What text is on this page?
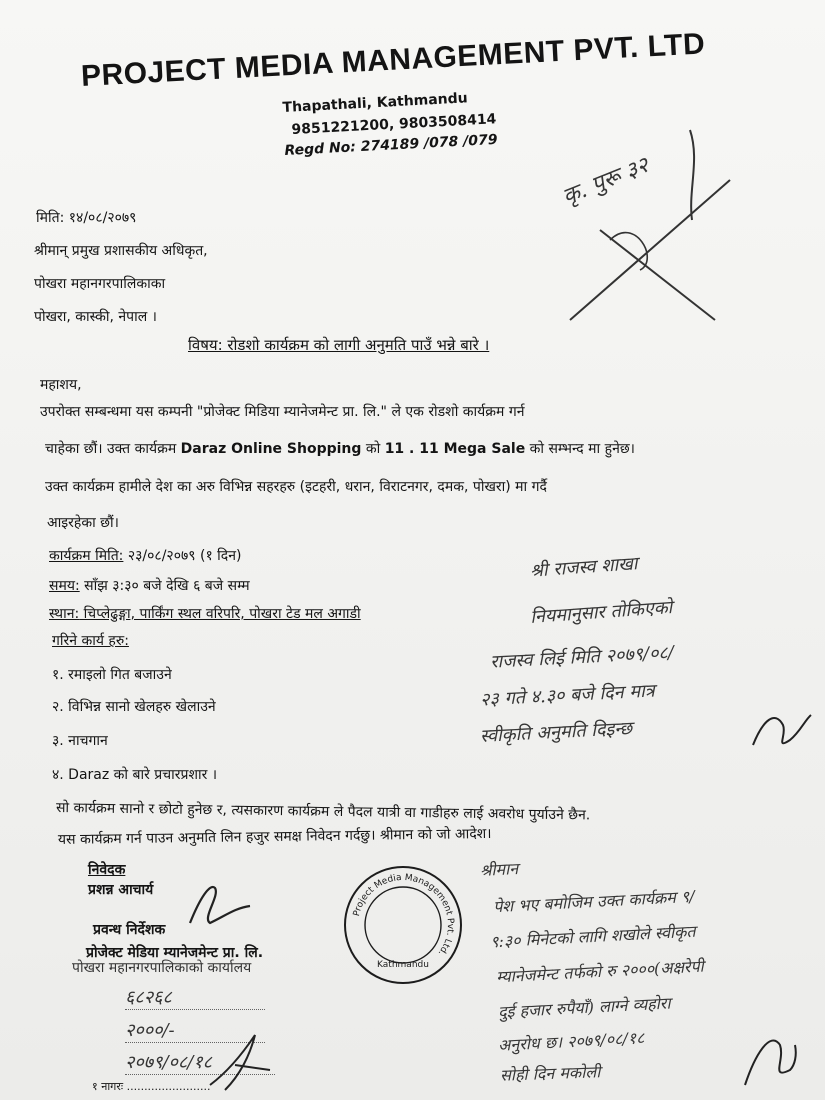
PROJECT MEDIA MANAGEMENT PVT. LTD
Thapathali, Kathmandu
9851221200, 9803508414
Regd No: 274189 /078 /079
कृ. पुरू ३२
मिति: १४/०८/२०७९
श्रीमान् प्रमुख प्रशासकीय अधिकृत,
पोखरा महानगरपालिकाका
पोखरा, कास्की, नेपाल ।
विषय: रोडशो कार्यक्रम को लागी अनुमति पाउँ भन्ने बारे ।
महाशय,
उपरोक्त सम्बन्धमा यस कम्पनी "प्रोजेक्ट मिडिया म्यानेजमेन्ट प्रा. लि." ले एक रोडशो कार्यक्रम गर्न
चाहेका छौं। उक्त कार्यक्रम Daraz Online Shopping को 11 . 11 Mega Sale को सम्भन्द मा हुनेछ।
उक्त कार्यक्रम हामीले देश का अरु विभिन्न सहरहरु (इटहरी, धरान, विराटनगर, दमक, पोखरा) मा गर्दै
आइरहेका छौं।
कार्यक्रम मिति: २३/०८/२०७९ (१ दिन)
समय: साँझ ३:३० बजे देखि ६ बजे सम्म
स्थान: चिप्लेढुङ्गा, पार्किंग स्थल वरिपरि, पोखरा टेड मल अगाडी
गरिने कार्य हरु:
१. रमाइलो गित बजाउने
२. विभिन्न सानो खेलहरु खेलाउने
३. नाचगान
४. Daraz को बारे प्रचारप्रशार ।
सो कार्यक्रम सानो र छोटो हुनेछ र, त्यसकारण कार्यक्रम ले पैदल यात्री वा गाडीहरु लाई अवरोध पुर्याउने छैन.
यस कार्यक्रम गर्न पाउन अनुमति लिन हजुर समक्ष निवेदन गर्दछु। श्रीमान को जो आदेश।
निवेदक
प्रशन्न आचार्य
प्रवन्ध निर्देशक
प्रोजेक्ट मेडिया म्यानेजमेन्ट प्रा. लि.
Project Media Management Pvt. Ltd.
Kathmandu
पोखरा महानगरपालिकाको कार्यालय
६८२६८
२०००/-
२०७९/०८/१८
१ नागरः ........................
श्री राजस्व शाखा
नियमानुसार तोकिएको
राजस्व लिई मिति २०७९/०८/
२३ गते ४.३० बजे दिन मात्र
स्वीकृति अनुमति दिइन्छ
श्रीमान
पेश भए बमोजिम उक्त कार्यक्रम ९/
९:३० मिनेटको लागि शखोले स्वीकृत
म्यानेजमेन्ट तर्फको रु २०००(अक्षरेपी
दुई हजार रुपैयाँ) लाग्ने व्यहोरा
अनुरोध छ। २०७९/०८/१८
सोही दिन मकोली
